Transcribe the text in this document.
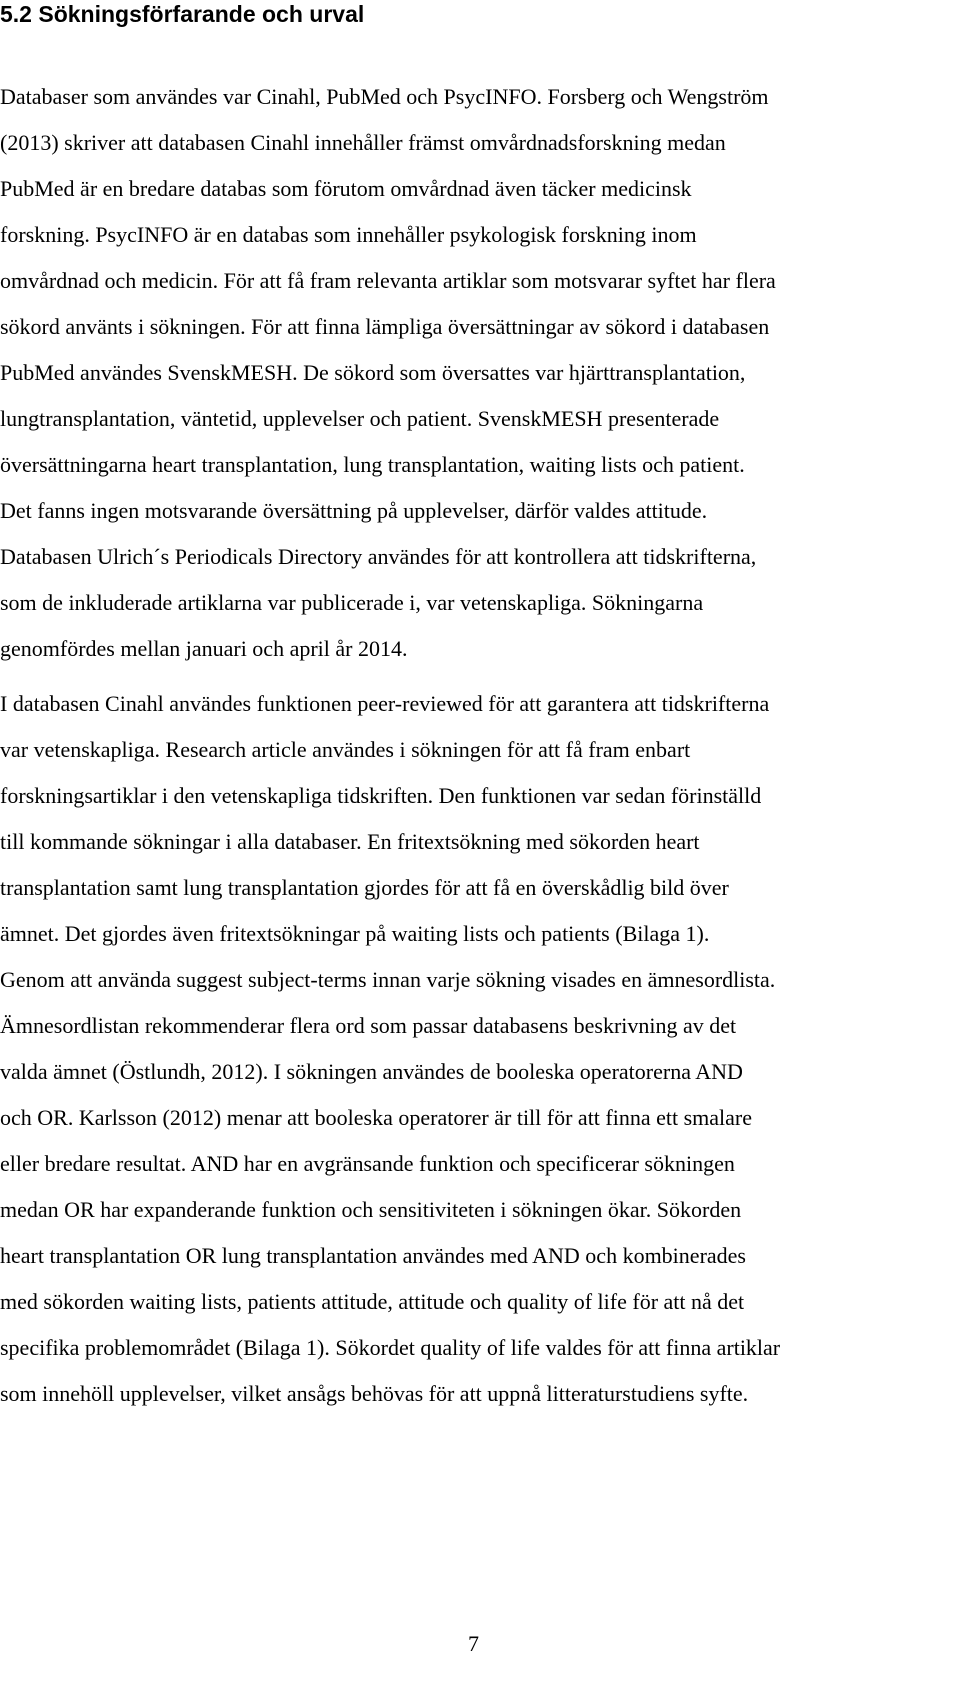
5.2 Sökningsförfarande och urval
Databaser som användes var Cinahl, PubMed och PsycINFO. Forsberg och Wengström
(2013) skriver att databasen Cinahl innehåller främst omvårdnadsforskning medan
PubMed är en bredare databas som förutom omvårdnad även täcker medicinsk
forskning. PsycINFO är en databas som innehåller psykologisk forskning inom
omvårdnad och medicin. För att få fram relevanta artiklar som motsvarar syftet har flera
sökord använts i sökningen. För att finna lämpliga översättningar av sökord i databasen
PubMed användes SvenskMESH. De sökord som översattes var hjärttransplantation,
lungtransplantation, väntetid, upplevelser och patient. SvenskMESH presenterade
översättningarna heart transplantation, lung transplantation, waiting lists och patient.
Det fanns ingen motsvarande översättning på upplevelser, därför valdes attitude.
Databasen Ulrich´s Periodicals Directory användes för att kontrollera att tidskrifterna,
som de inkluderade artiklarna var publicerade i, var vetenskapliga. Sökningarna
genomfördes mellan januari och april år 2014.
I databasen Cinahl användes funktionen peer-reviewed för att garantera att tidskrifterna
var vetenskapliga. Research article användes i sökningen för att få fram enbart
forskningsartiklar i den vetenskapliga tidskriften. Den funktionen var sedan förinställd
till kommande sökningar i alla databaser. En fritextsökning med sökorden heart
transplantation samt lung transplantation gjordes för att få en överskådlig bild över
ämnet. Det gjordes även fritextsökningar på waiting lists och patients (Bilaga 1).
Genom att använda suggest subject-terms innan varje sökning visades en ämnesordlista.
Ämnesordlistan rekommenderar flera ord som passar databasens beskrivning av det
valda ämnet (Östlundh, 2012). I sökningen användes de booleska operatorerna AND
och OR. Karlsson (2012) menar att booleska operatorer är till för att finna ett smalare
eller bredare resultat. AND har en avgränsande funktion och specificerar sökningen
medan OR har expanderande funktion och sensitiviteten i sökningen ökar. Sökorden
heart transplantation OR lung transplantation användes med AND och kombinerades
med sökorden waiting lists, patients attitude, attitude och quality of life för att nå det
specifika problemområdet (Bilaga 1). Sökordet quality of life valdes för att finna artiklar
som innehöll upplevelser, vilket ansågs behövas för att uppnå litteraturstudiens syfte.
7
